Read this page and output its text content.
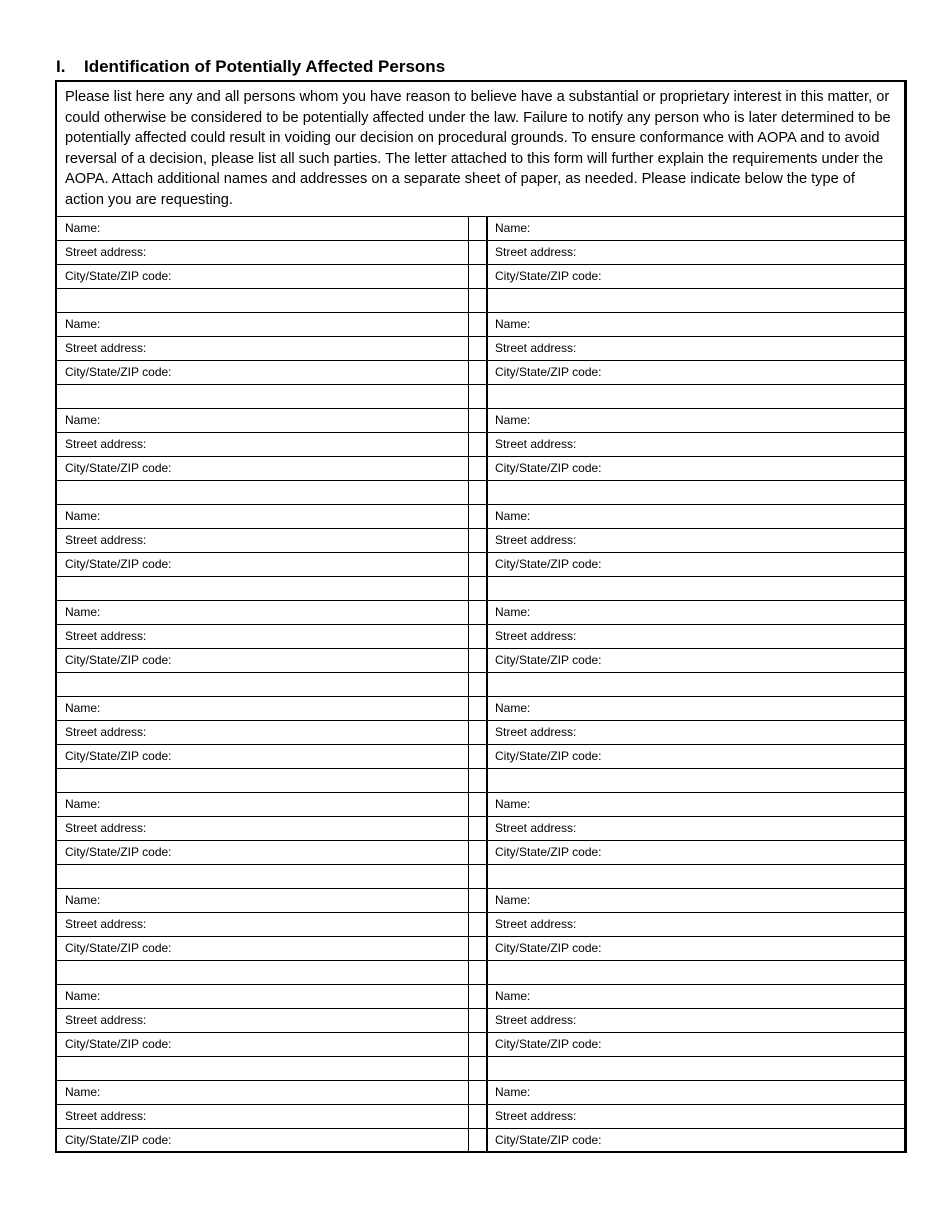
I. Identification of Potentially Affected Persons
Please list here any and all persons whom you have reason to believe have a substantial or proprietary interest in this matter, or could otherwise be considered to be potentially affected under the law. Failure to notify any person who is later determined to be potentially affected could result in voiding our decision on procedural grounds. To ensure conformance with AOPA and to avoid reversal of a decision, please list all such parties. The letter attached to this form will further explain the requirements under the AOPA. Attach additional names and addresses on a separate sheet of paper, as needed. Please indicate below the type of action you are requesting.		
Name:		Name:
Street address:		Street address:
City/State/ZIP code:		City/State/ZIP code:

Name:		Name:
Street address:		Street address:
City/State/ZIP code:		City/State/ZIP code:

Name:		Name:
Street address:		Street address:
City/State/ZIP code:		City/State/ZIP code:

Name:		Name:
Street address:		Street address:
City/State/ZIP code:		City/State/ZIP code:

Name:		Name:
Street address:		Street address:
City/State/ZIP code:		City/State/ZIP code:

Name:		Name:
Street address:		Street address:
City/State/ZIP code:		City/State/ZIP code:

Name:		Name:
Street address:		Street address:
City/State/ZIP code:		City/State/ZIP code:

Name:		Name:
Street address:		Street address:
City/State/ZIP code:		City/State/ZIP code:

Name:		Name:
Street address:		Street address:
City/State/ZIP code:		City/State/ZIP code:

Name:		Name:
Street address:		Street address:
City/State/ZIP code:		City/State/ZIP code:
